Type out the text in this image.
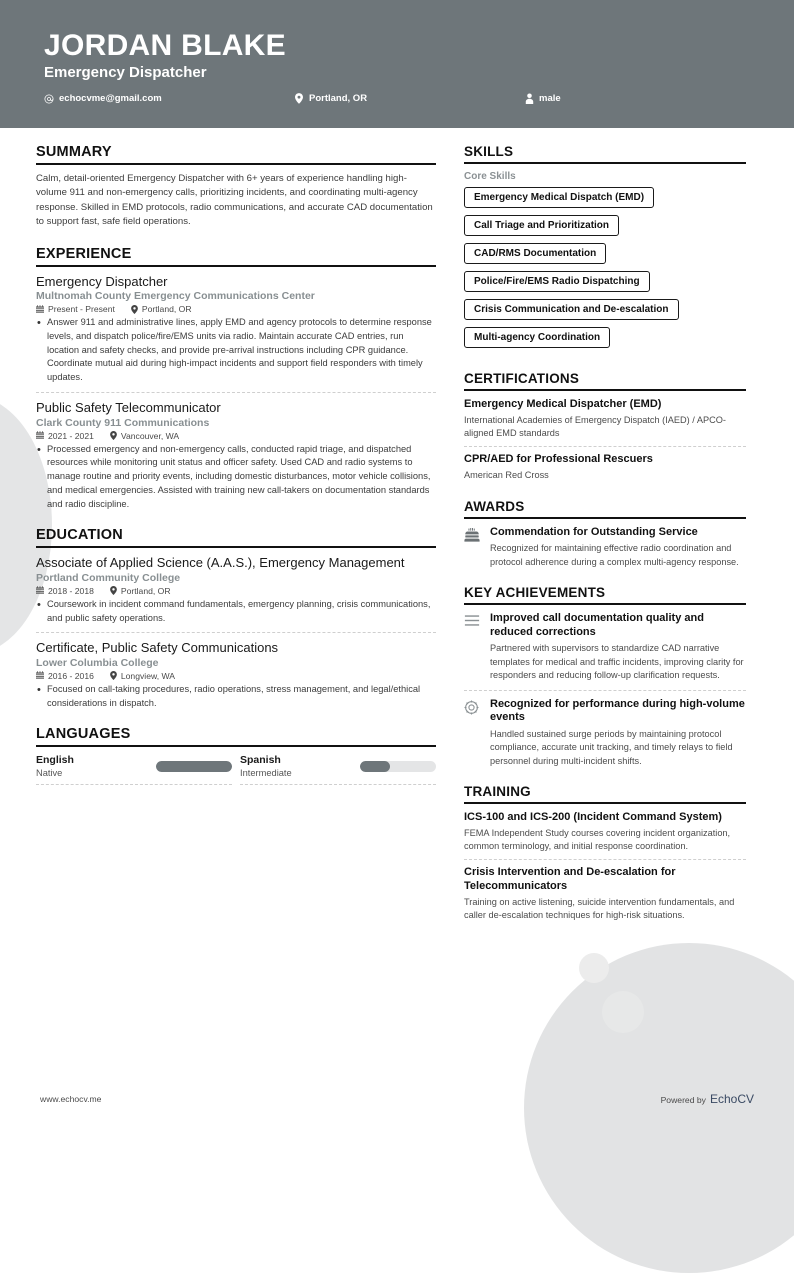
JORDAN BLAKE
Emergency Dispatcher
echocvme@gmail.com	Portland, OR	male
SUMMARY
Calm, detail-oriented Emergency Dispatcher with 6+ years of experience handling high-volume 911 and non-emergency calls, prioritizing incidents, and coordinating multi-agency response. Skilled in EMD protocols, radio communications, and accurate CAD documentation to support fast, safe field operations.
EXPERIENCE
Emergency Dispatcher
Multnomah County Emergency Communications Center
Present - Present	Portland, OR
• Answer 911 and administrative lines, apply EMD and agency protocols to determine response levels, and dispatch police/fire/EMS units via radio. Maintain accurate CAD entries, run location and safety checks, and provide pre-arrival instructions including CPR guidance. Coordinate mutual aid during high-impact incidents and support field responders with timely updates.
Public Safety Telecommunicator
Clark County 911 Communications
2021 - 2021	Vancouver, WA
• Processed emergency and non-emergency calls, conducted rapid triage, and dispatched resources while monitoring unit status and officer safety. Used CAD and radio systems to manage routine and priority events, including domestic disturbances, motor vehicle collisions, and medical emergencies. Assisted with training new call-takers on documentation standards and radio discipline.
EDUCATION
Associate of Applied Science (A.A.S.), Emergency Management
Portland Community College
2018 - 2018	Portland, OR
• Coursework in incident command fundamentals, emergency planning, crisis communications, and public safety operations.
Certificate, Public Safety Communications
Lower Columbia College
2016 - 2016	Longview, WA
• Focused on call-taking procedures, radio operations, stress management, and legal/ethical considerations in dispatch.
LANGUAGES
English
Native
Spanish
Intermediate
SKILLS
Core Skills
Emergency Medical Dispatch (EMD)
Call Triage and Prioritization
CAD/RMS Documentation
Police/Fire/EMS Radio Dispatching
Crisis Communication and De-escalation
Multi-agency Coordination
CERTIFICATIONS
Emergency Medical Dispatcher (EMD)
International Academies of Emergency Dispatch (IAED) / APCO-aligned EMD standards
CPR/AED for Professional Rescuers
American Red Cross
AWARDS
Commendation for Outstanding Service
Recognized for maintaining effective radio coordination and protocol adherence during a complex multi-agency response.
KEY ACHIEVEMENTS
Improved call documentation quality and reduced corrections
Partnered with supervisors to standardize CAD narrative templates for medical and traffic incidents, improving clarity for responders and reducing follow-up clarification requests.
Recognized for performance during high-volume events
Handled sustained surge periods by maintaining protocol compliance, accurate unit tracking, and timely relays to field personnel during multi-incident shifts.
TRAINING
ICS-100 and ICS-200 (Incident Command System)
FEMA Independent Study courses covering incident organization, common terminology, and initial response coordination.
Crisis Intervention and De-escalation for Telecommunicators
Training on active listening, suicide intervention fundamentals, and caller de-escalation techniques for high-risk situations.
www.echocv.me	Powered by EchoCV
